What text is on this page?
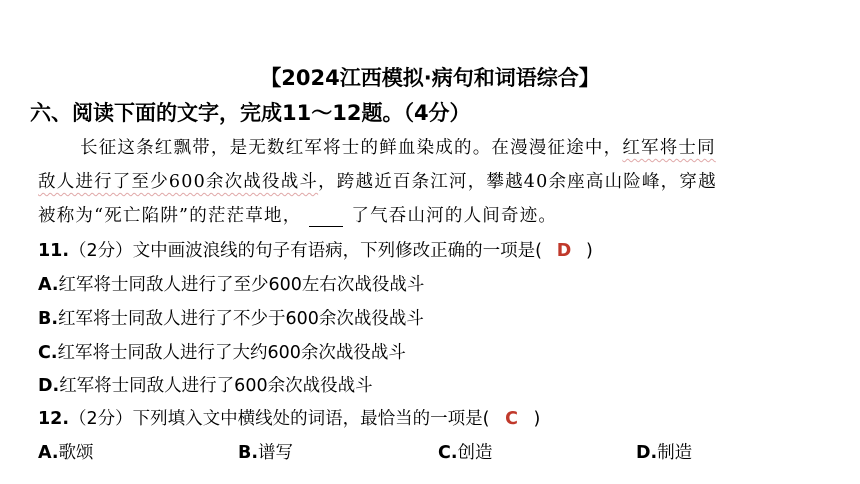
【2024江西模拟·病句和词语综合】
六、阅读下面的文字，完成11～12题。（4分）
长征这条红飘带，是无数红军将士的鲜血染成的。在漫漫征途中，红军将士同
敌人进行了至少600余次战役战斗，跨越近百条江河，攀越40余座高山险峰，穿越
被称为“死亡陷阱”的茫茫草地，	了气吞山河的人间奇迹。
11.（2分）文中画波浪线的句子有语病，下列修改正确的一项是( D )
A.红军将士同敌人进行了至少600左右次战役战斗
B.红军将士同敌人进行了不少于600余次战役战斗
C.红军将士同敌人进行了大约600余次战役战斗
D.红军将士同敌人进行了600余次战役战斗
12.（2分）下列填入文中横线处的词语，最恰当的一项是( C )
A.歌颂	B.谱写	C.创造	D.制造
